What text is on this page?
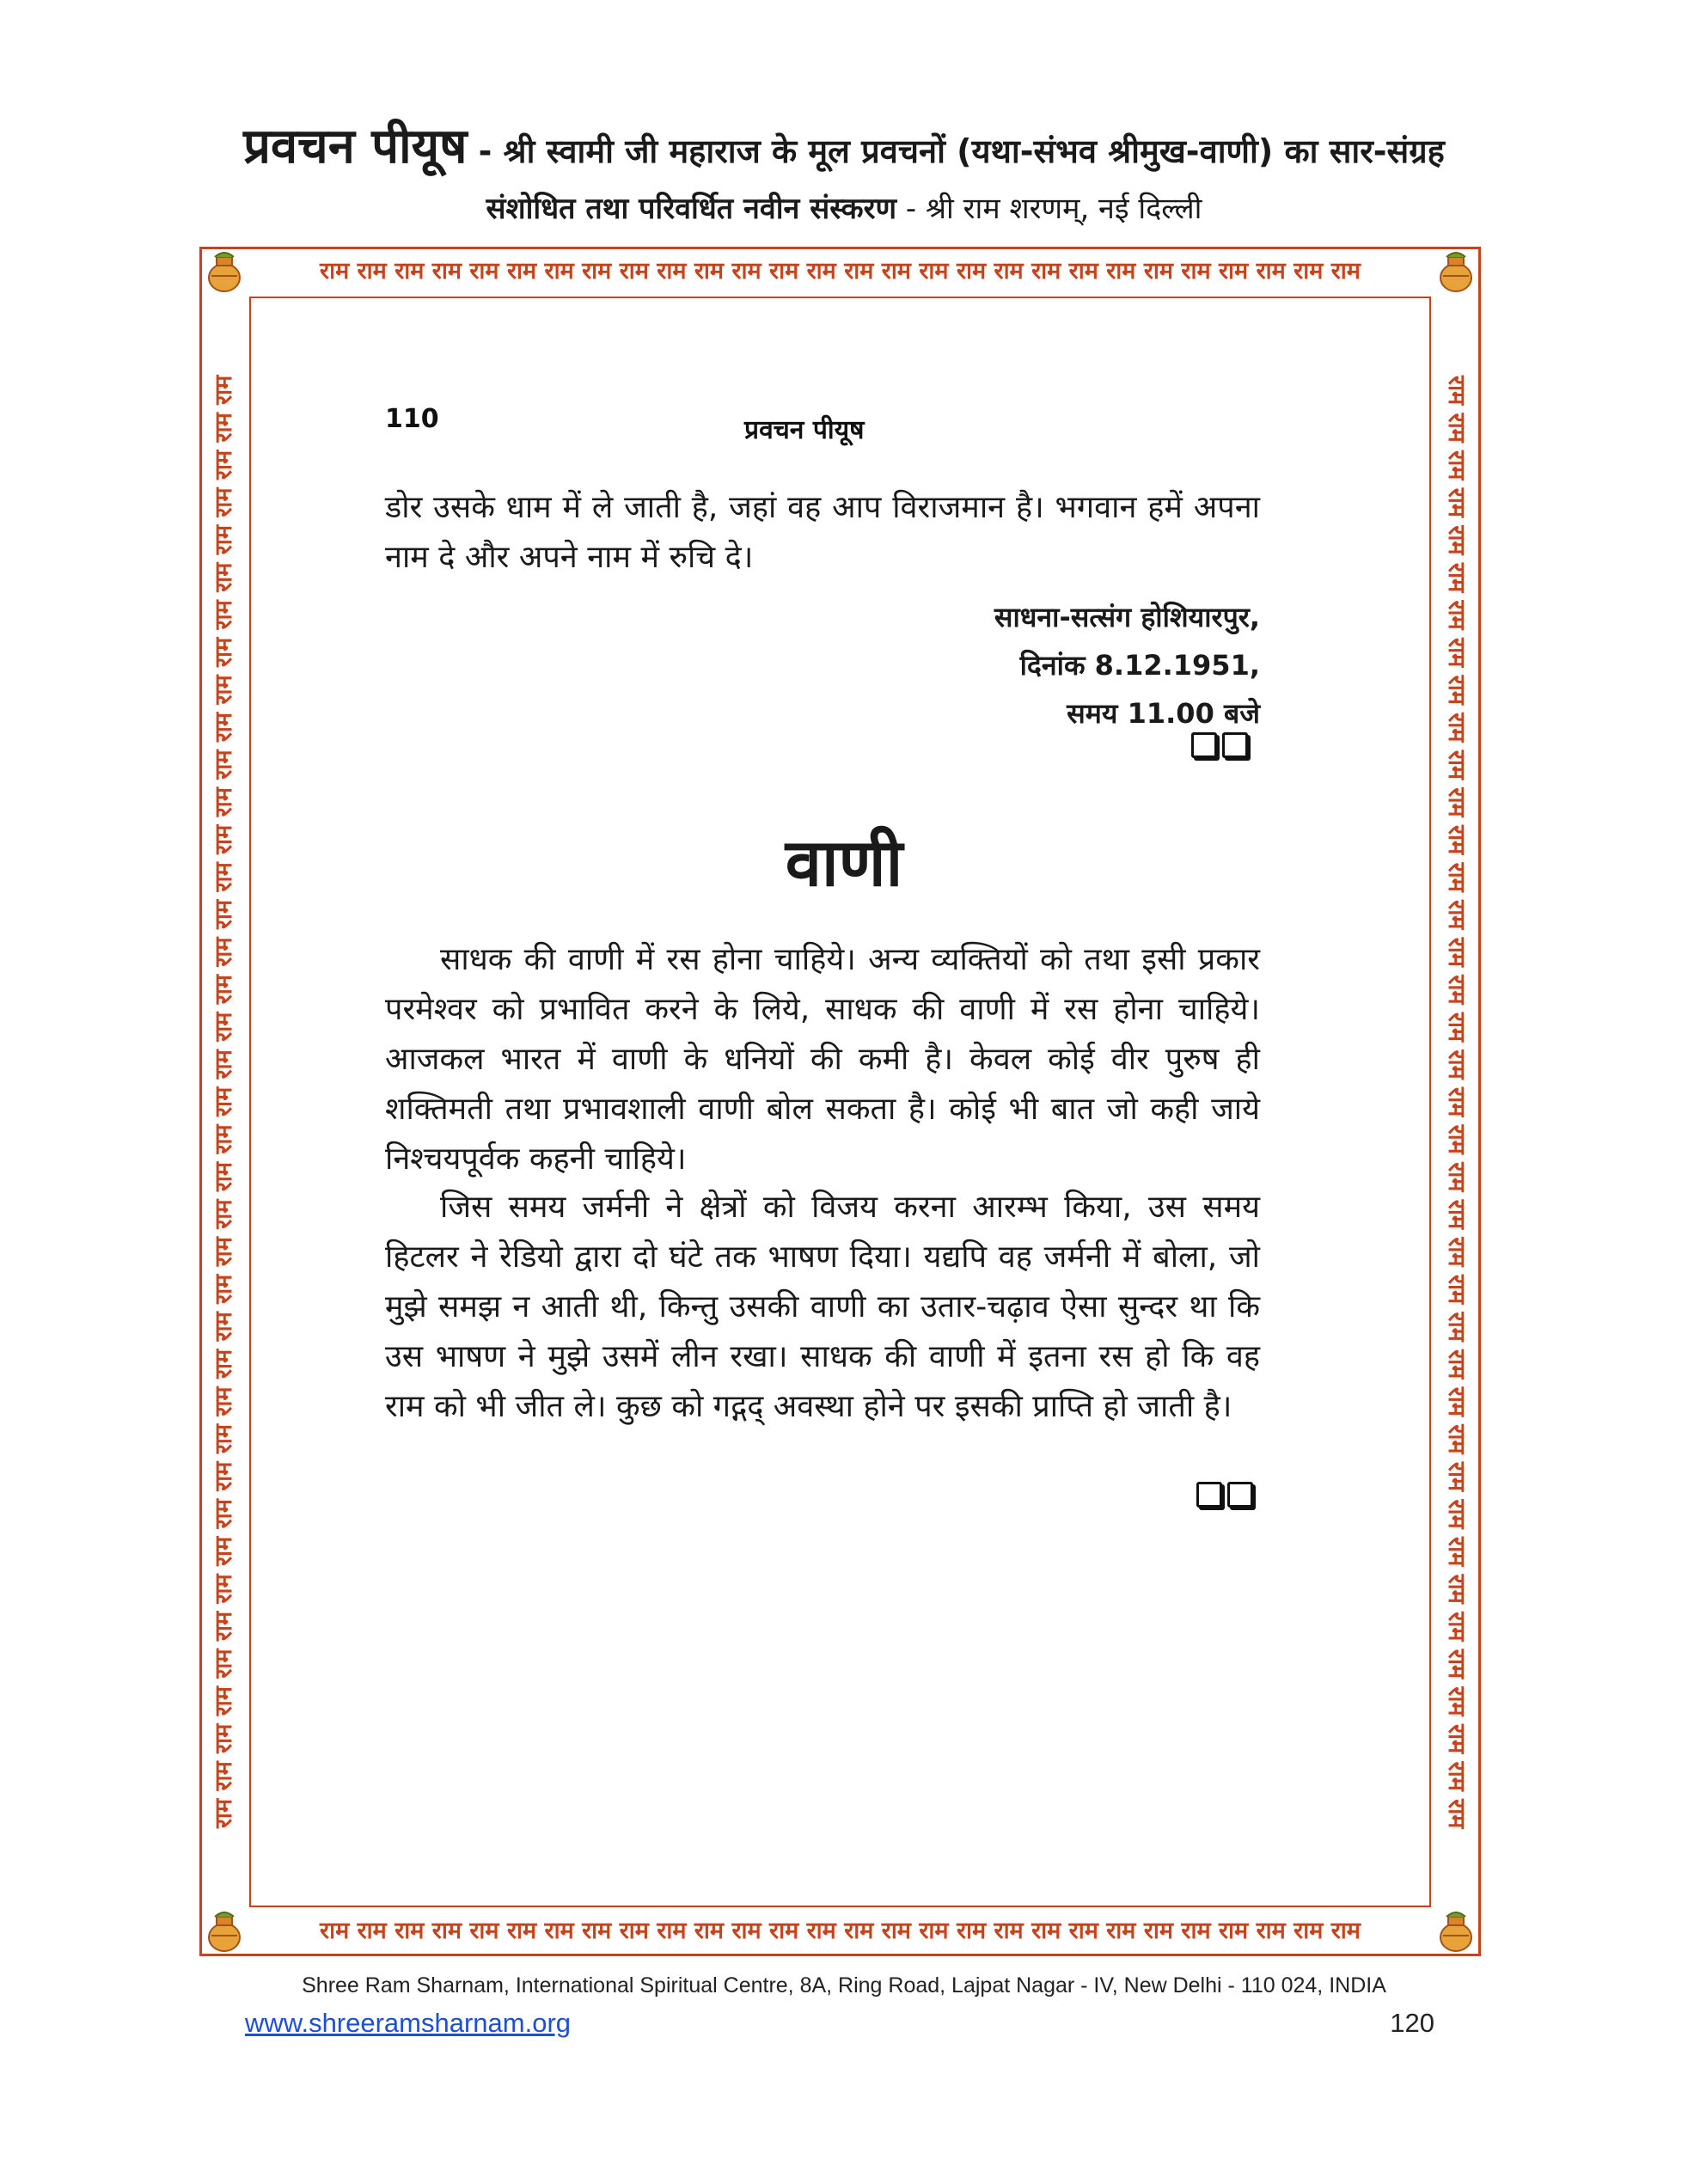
प्रवचन पीयूष - श्री स्वामी जी महाराज के मूल प्रवचनों (यथा-संभव श्रीमुख-वाणी) का सार-संग्रह
संशोधित तथा परिवर्धित नवीन संस्करण - श्री राम शरणम्, नई दिल्ली
राम राम राम राम राम राम राम राम राम राम राम राम राम राम राम राम राम राम राम राम राम राम राम राम राम राम राम राम
राम राम राम राम राम राम राम राम राम राम राम राम राम राम राम राम राम राम राम राम राम राम राम राम राम राम राम राम
राम राम राम राम राम राम राम राम राम राम राम राम राम राम राम राम राम राम राम राम राम राम राम राम राम राम राम राम राम राम राम राम राम राम राम राम राम राम राम	राम राम राम राम राम राम राम राम राम राम राम राम राम राम राम राम राम राम राम राम राम राम राम राम राम राम राम राम राम राम राम राम राम राम राम राम राम राम राम
110	प्रवचन पीयूष
डोर उसके धाम में ले जाती है, जहां वह आप विराजमान है। भगवान हमें अपना नाम दे और अपने नाम में रुचि दे।
साधना-सत्संग होशियारपुर,
दिनांक 8.12.1951,
समय 11.00 बजे
वाणी
साधक की वाणी में रस होना चाहिये। अन्य व्यक्तियों को तथा इसी प्रकार परमेश्वर को प्रभावित करने के लिये, साधक की वाणी में रस होना चाहिये। आजकल भारत में वाणी के धनियों की कमी है। केवल कोई वीर पुरुष ही शक्तिमती तथा प्रभावशाली वाणी बोल सकता है। कोई भी बात जो कही जाये निश्चयपूर्वक कहनी चाहिये।
जिस समय जर्मनी ने क्षेत्रों को विजय करना आरम्भ किया, उस समय हिटलर ने रेडियो द्वारा दो घंटे तक भाषण दिया। यद्यपि वह जर्मनी में बोला, जो मुझे समझ न आती थी, किन्तु उसकी वाणी का उतार-चढ़ाव ऐसा सुन्दर था कि उस भाषण ने मुझे उसमें लीन रखा। साधक की वाणी में इतना रस हो कि वह राम को भी जीत ले। कुछ को गद्गद् अवस्था होने पर इसकी प्राप्ति हो जाती है।
Shree Ram Sharnam, International Spiritual Centre, 8A, Ring Road, Lajpat Nagar - IV, New Delhi - 110 024, INDIA
www.shreeramsharnam.org	120
